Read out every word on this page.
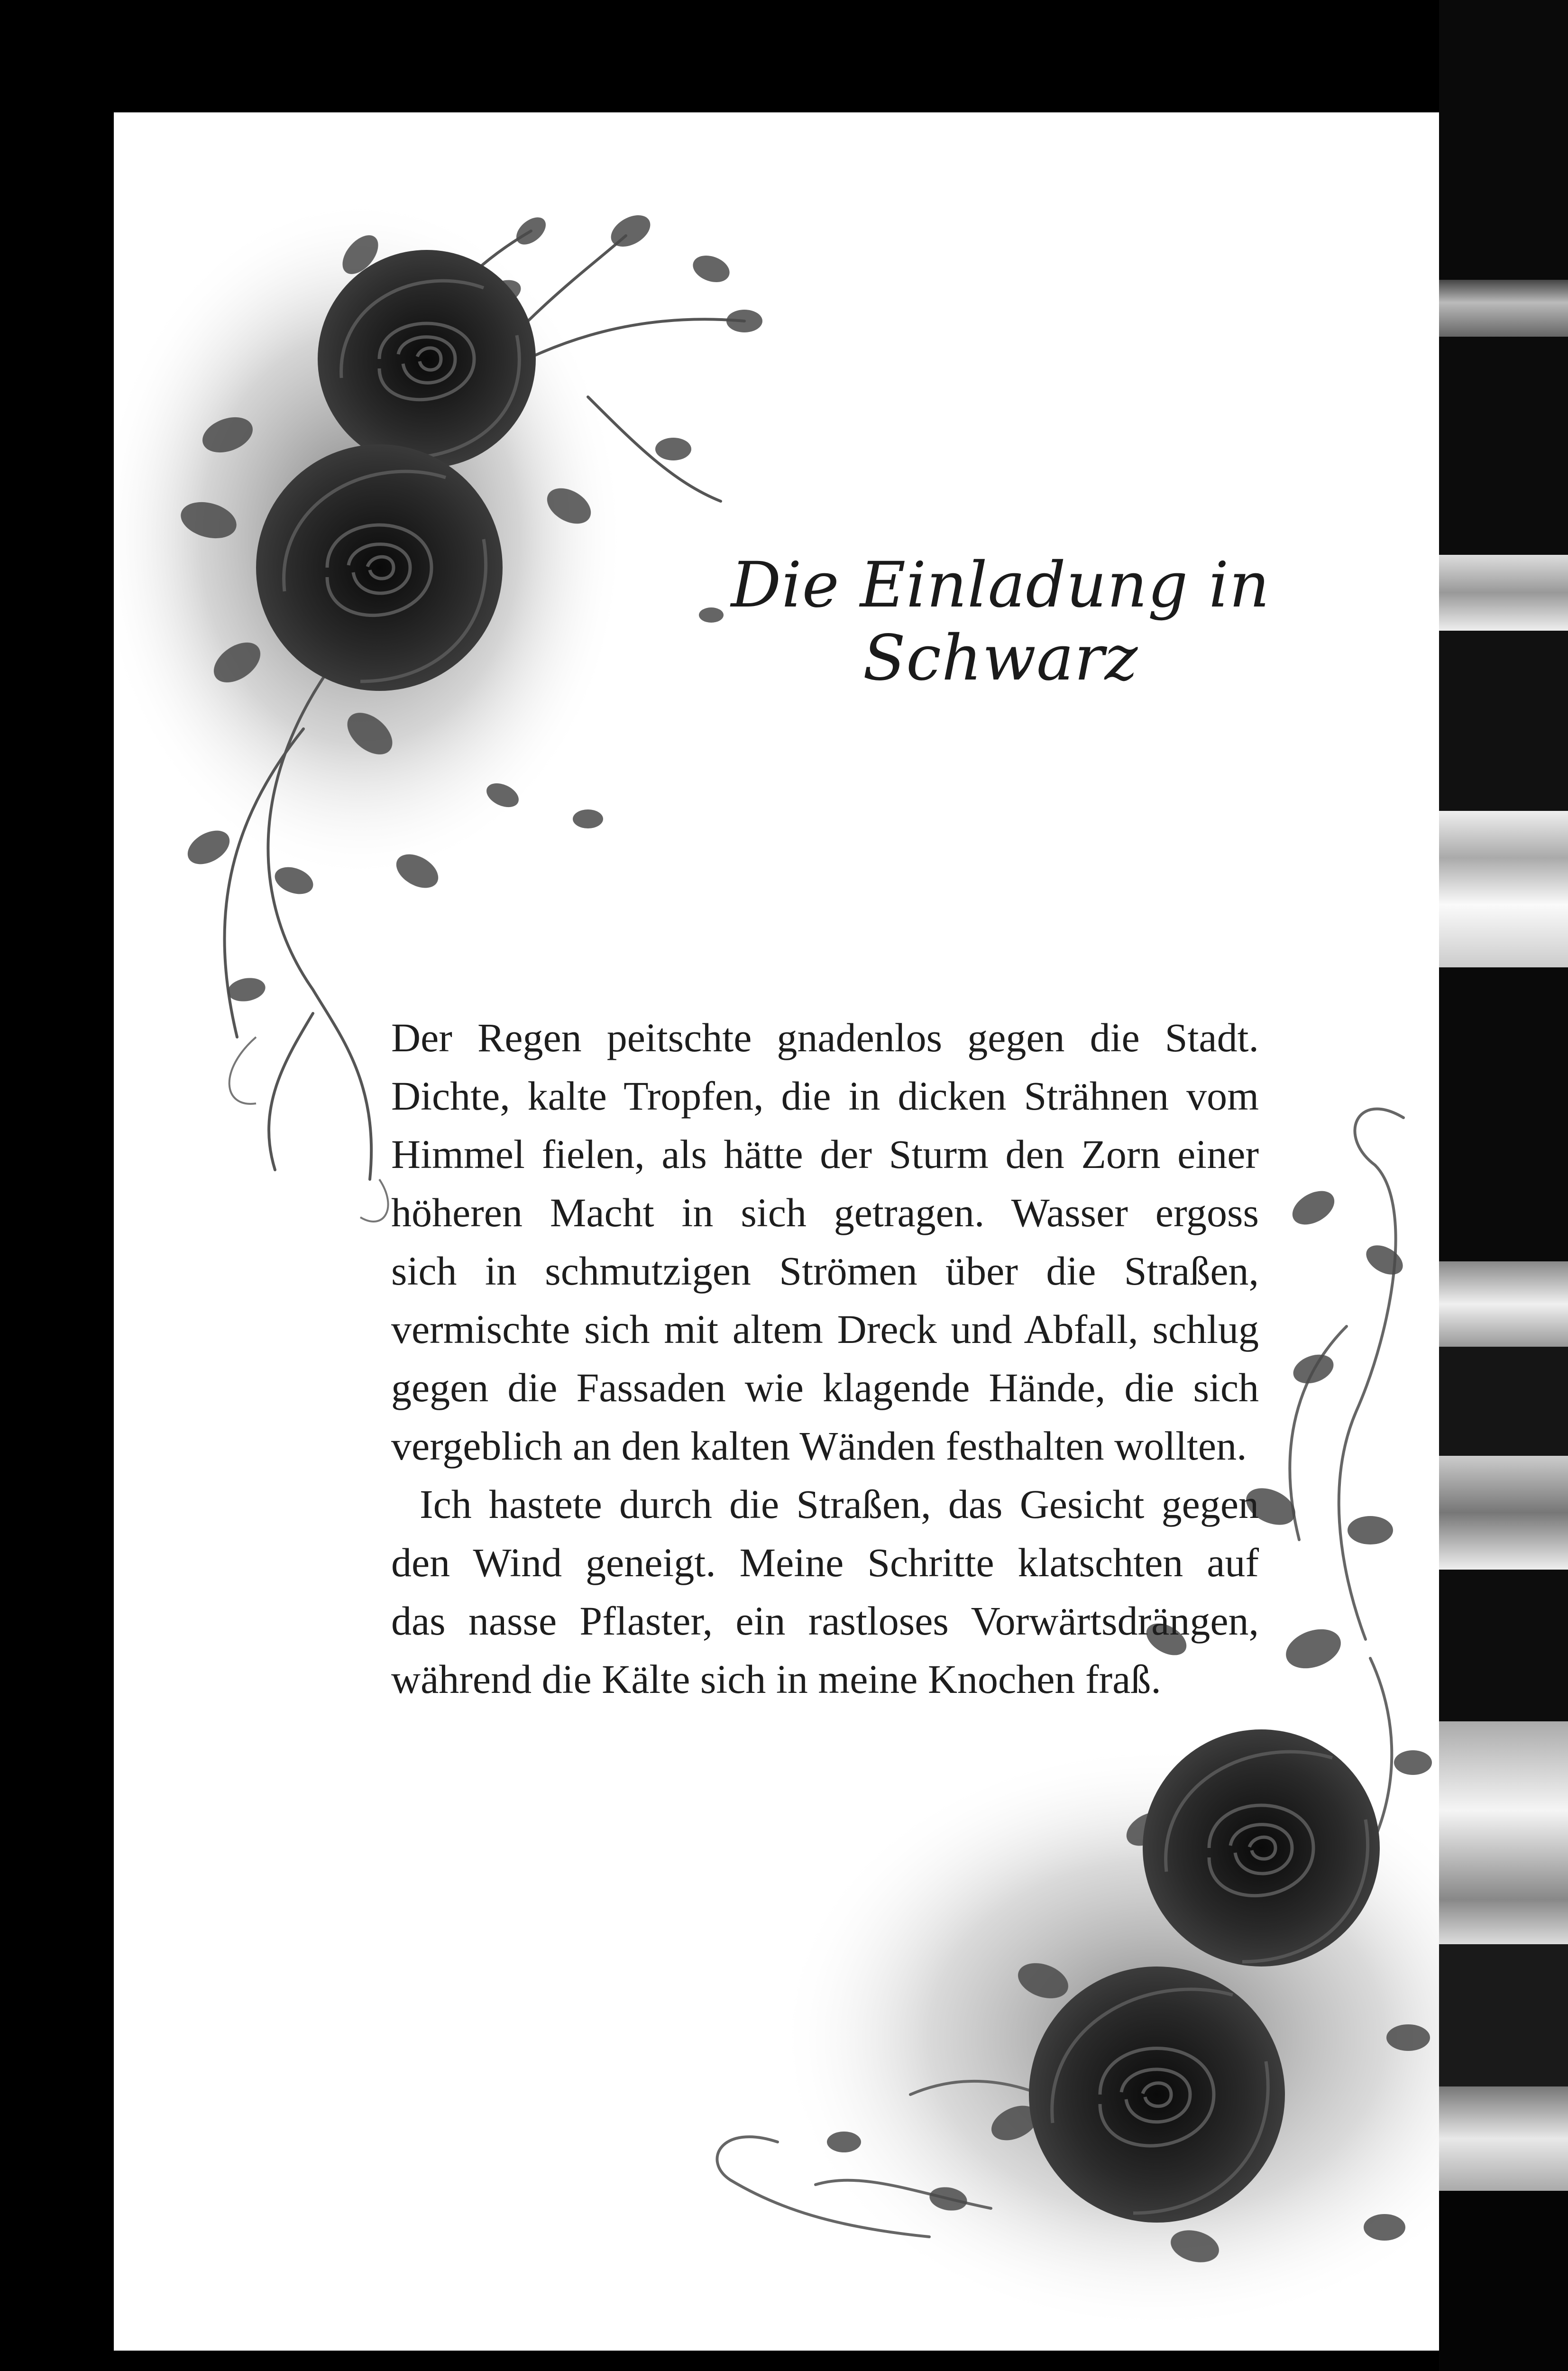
Die Einladung in Schwarz

Der Regen peitschte gnadenlos gegen die Stadt.
Dichte, kalte Tropfen, die in dicken Strähnen vom
Himmel fielen, als hätte der Sturm den Zorn einer
höheren Macht in sich getragen. Wasser ergoss
sich in schmutzigen Strömen über die Straßen,
vermischte sich mit altem Dreck und Abfall, schlug
gegen die Fassaden wie klagende Hände, die sich
vergeblich an den kalten Wänden festhalten wollten.

Ich hastete durch die Straßen, das Gesicht gegen
den Wind geneigt. Meine Schritte klatschten auf
das nasse Pflaster, ein rastloses Vorwärtsdrängen,
während die Kälte sich in meine Knochen fraß.
